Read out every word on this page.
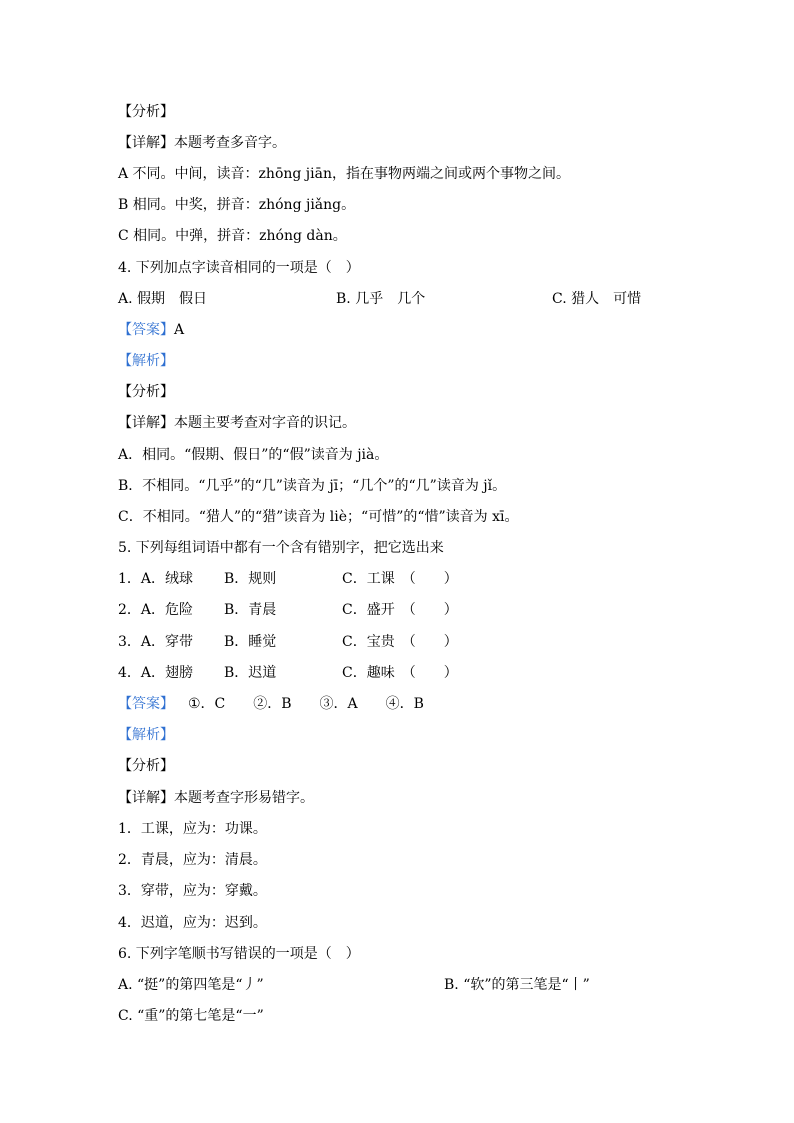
【分析】
【详解】本题考查多音字。
A 不同。中间，读音：zhōng jiān，指在事物两端之间或两个事物之间。
B 相同。中奖，拼音：zhóng jiǎng。
C 相同。中弹，拼音：zhóng dàn。
4. 下列加点字读音相同的一项是（　）
A. 假期　假日	B. 几乎　几个	C. 猎人　可惜
【答案】A
【解析】
【分析】
【详解】本题主要考查对字音的识记。
A．相同。“假期、假日”的“假”读音为 jià。
B．不相同。“几乎”的“几”读音为 jī；“几个”的“几”读音为 jǐ。
C．不相同。“猎人”的“猎”读音为 liè；“可惜”的“惜”读音为 xī。
5. 下列每组词语中都有一个含有错别字，把它选出来
1．A．绒球 B．规则	C．工课　（　　）
2．A．危险 B．青晨	C．盛开　（　　）
3．A．穿带 B．睡觉	C．宝贵　（　　）
4．A．翅膀 B．迟道	C．趣味　（　　）
【答案】 ①．C　　②．B　　③．A　　④．B
【解析】
【分析】
【详解】本题考查字形易错字。
1．工课，应为：功课。
2．青晨，应为：清晨。
3．穿带，应为：穿戴。
4．迟道，应为：迟到。
6. 下列字笔顺书写错误的一项是（　）
A. “挺”的第四笔是“丿”	B. “软”的第三笔是“丨”
C. “重”的第七笔是“一”
